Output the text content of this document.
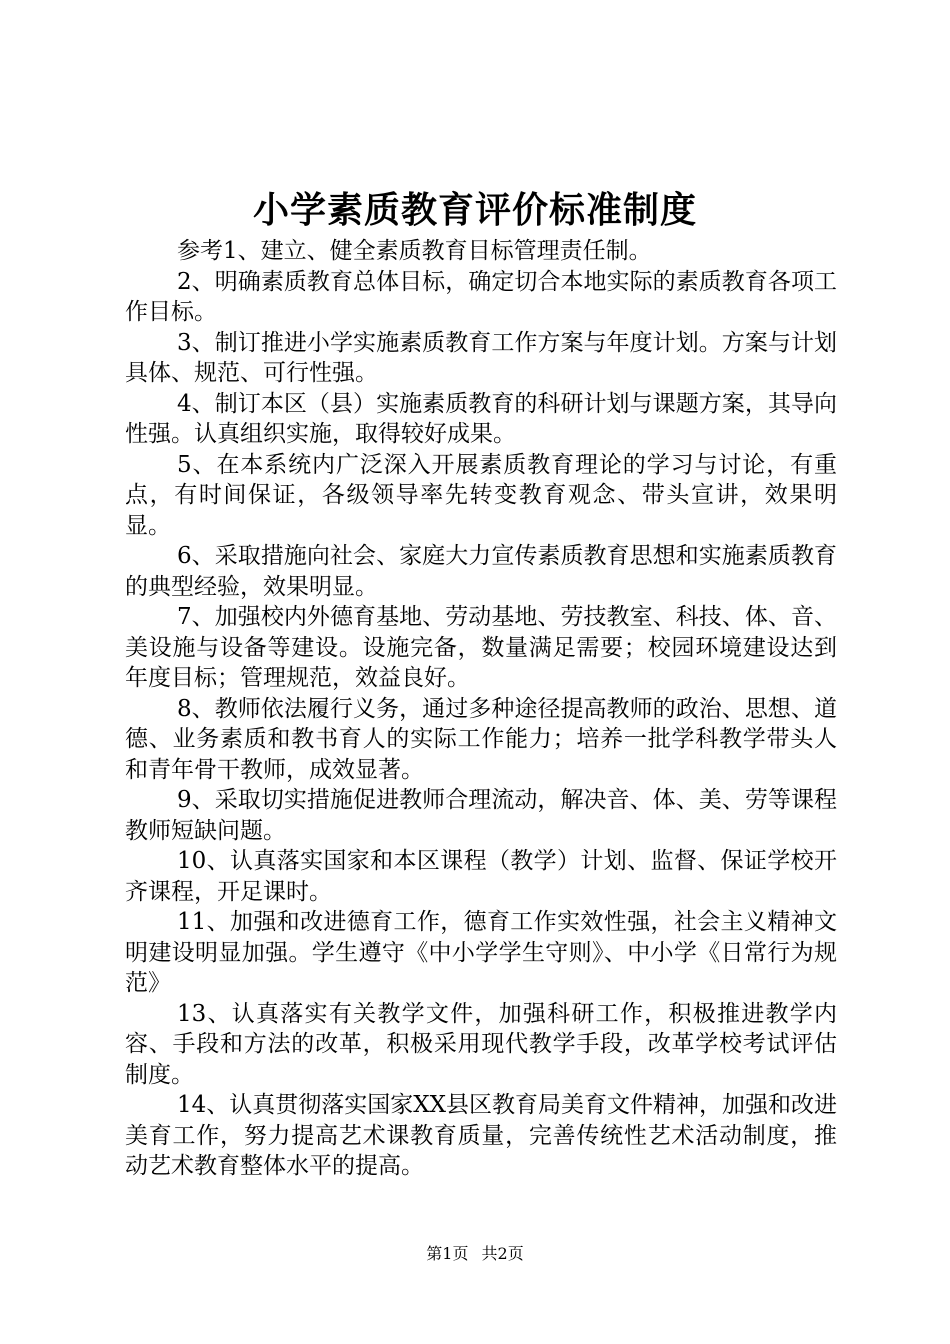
小学素质教育评价标准制度

参考1、建立、健全素质教育目标管理责任制。

2、明确素质教育总体目标，确定切合本地实际的素质教育各项工作目标。

3、制订推进小学实施素质教育工作方案与年度计划。方案与计划具体、规范、可行性强。

4、制订本区（县）实施素质教育的科研计划与课题方案，其导向性强。认真组织实施，取得较好成果。

5、在本系统内广泛深入开展素质教育理论的学习与讨论，有重点，有时间保证，各级领导率先转变教育观念、带头宣讲，效果明显。

6、采取措施向社会、家庭大力宣传素质教育思想和实施素质教育的典型经验，效果明显。

7、加强校内外德育基地、劳动基地、劳技教室、科技、体、音、美设施与设备等建设。设施完备，数量满足需要；校园环境建设达到年度目标；管理规范，效益良好。

8、教师依法履行义务，通过多种途径提高教师的政治、思想、道德、业务素质和教书育人的实际工作能力；培养一批学科教学带头人和青年骨干教师，成效显著。

9、采取切实措施促进教师合理流动，解决音、体、美、劳等课程教师短缺问题。

10、认真落实国家和本区课程（教学）计划、监督、保证学校开齐课程，开足课时。

11、加强和改进德育工作，德育工作实效性强，社会主义精神文明建设明显加强。学生遵守《中小学学生守则》、中小学《日常行为规范》

13、认真落实有关教学文件，加强科研工作，积极推进教学内容、手段和方法的改革，积极采用现代教学手段，改革学校考试评估制度。

14、认真贯彻落实国家XX县区教育局美育文件精神，加强和改进美育工作，努力提高艺术课教育质量，完善传统性艺术活动制度，推动艺术教育整体水平的提高。

第1页 共2页
